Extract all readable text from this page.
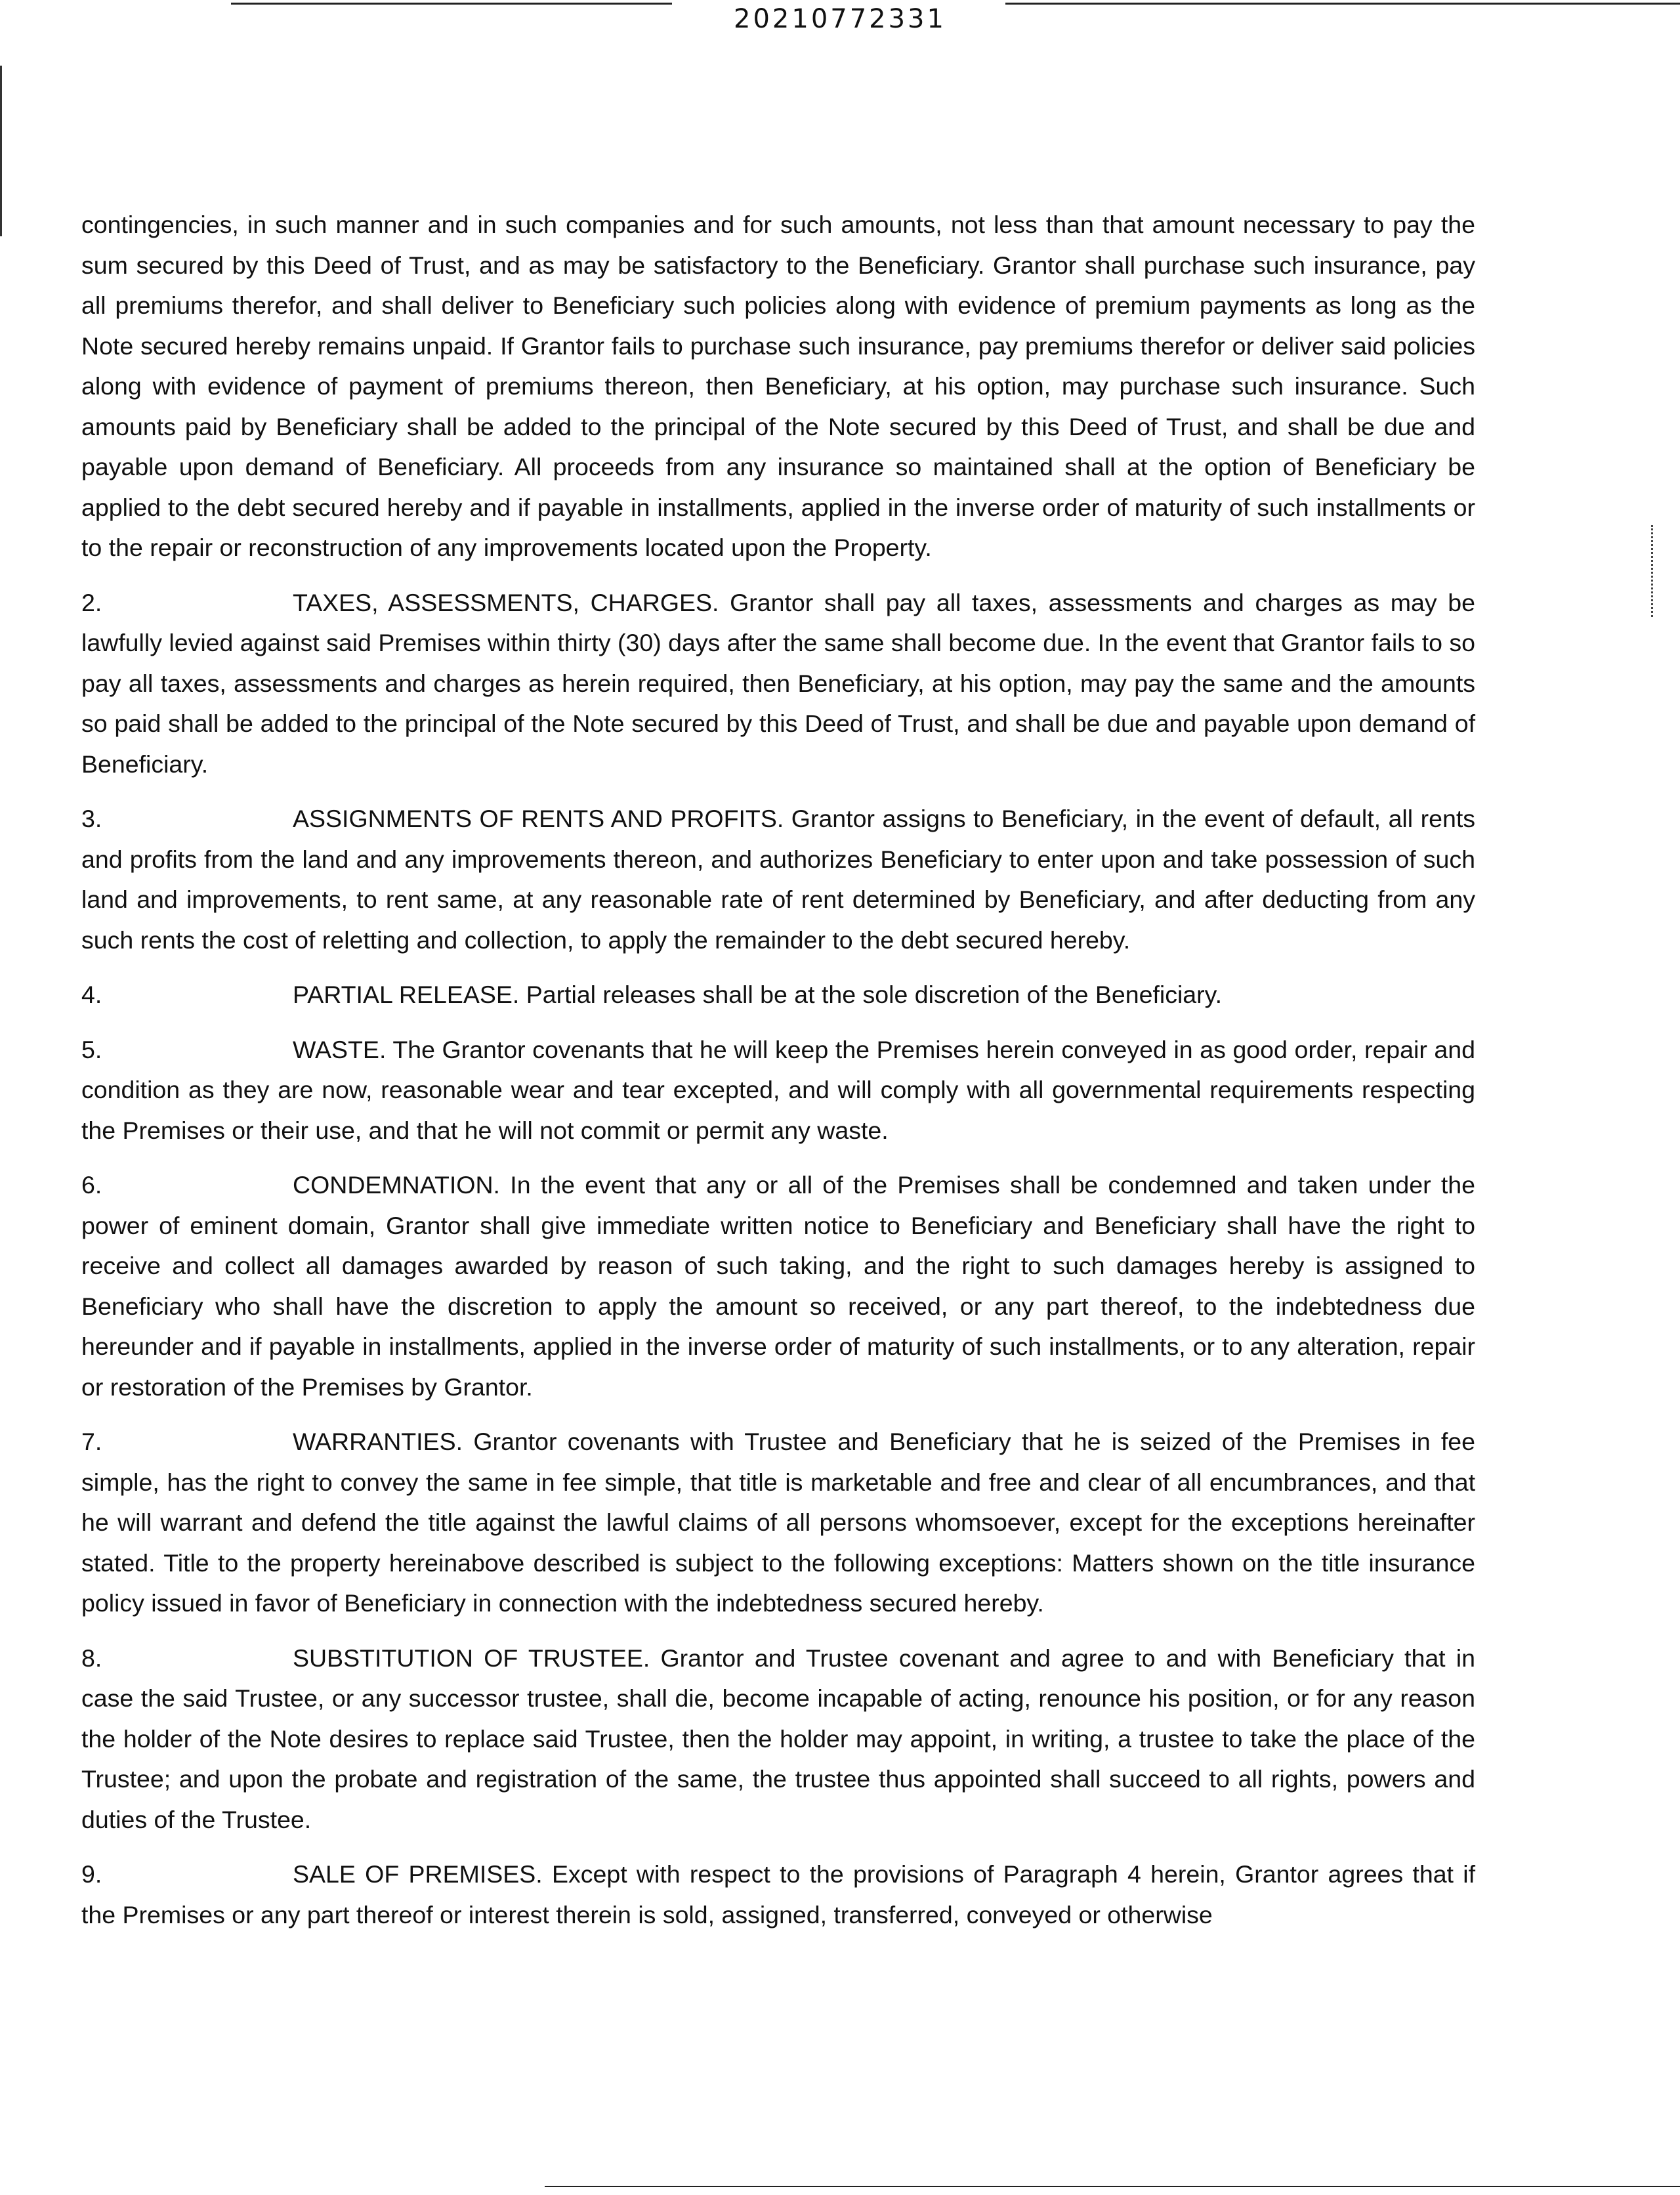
20210772331

contingencies, in such manner and in such companies and for such amounts, not less than that amount necessary to pay the sum secured by this Deed of Trust, and as may be satisfactory to the Beneficiary. Grantor shall purchase such insurance, pay all premiums therefor, and shall deliver to Beneficiary such policies along with evidence of premium payments as long as the Note secured hereby remains unpaid. If Grantor fails to purchase such insurance, pay premiums therefor or deliver said policies along with evidence of payment of premiums thereon, then Beneficiary, at his option, may purchase such insurance. Such amounts paid by Beneficiary shall be added to the principal of the Note secured by this Deed of Trust, and shall be due and payable upon demand of Beneficiary. All proceeds from any insurance so maintained shall at the option of Beneficiary be applied to the debt secured hereby and if payable in installments, applied in the inverse order of maturity of such installments or to the repair or reconstruction of any improvements located upon the Property.

2.	TAXES, ASSESSMENTS, CHARGES. Grantor shall pay all taxes, assessments and charges as may be lawfully levied against said Premises within thirty (30) days after the same shall become due. In the event that Grantor fails to so pay all taxes, assessments and charges as herein required, then Beneficiary, at his option, may pay the same and the amounts so paid shall be added to the principal of the Note secured by this Deed of Trust, and shall be due and payable upon demand of Beneficiary.

3.	ASSIGNMENTS OF RENTS AND PROFITS. Grantor assigns to Beneficiary, in the event of default, all rents and profits from the land and any improvements thereon, and authorizes Beneficiary to enter upon and take possession of such land and improvements, to rent same, at any reasonable rate of rent determined by Beneficiary, and after deducting from any such rents the cost of reletting and collection, to apply the remainder to the debt secured hereby.

4.	PARTIAL RELEASE. Partial releases shall be at the sole discretion of the Beneficiary.

5.	WASTE. The Grantor covenants that he will keep the Premises herein conveyed in as good order, repair and condition as they are now, reasonable wear and tear excepted, and will comply with all governmental requirements respecting the Premises or their use, and that he will not commit or permit any waste.

6.	CONDEMNATION. In the event that any or all of the Premises shall be condemned and taken under the power of eminent domain, Grantor shall give immediate written notice to Beneficiary and Beneficiary shall have the right to receive and collect all damages awarded by reason of such taking, and the right to such damages hereby is assigned to Beneficiary who shall have the discretion to apply the amount so received, or any part thereof, to the indebtedness due hereunder and if payable in installments, applied in the inverse order of maturity of such installments, or to any alteration, repair or restoration of the Premises by Grantor.

7.	WARRANTIES. Grantor covenants with Trustee and Beneficiary that he is seized of the Premises in fee simple, has the right to convey the same in fee simple, that title is marketable and free and clear of all encumbrances, and that he will warrant and defend the title against the lawful claims of all persons whomsoever, except for the exceptions hereinafter stated. Title to the property hereinabove described is subject to the following exceptions: Matters shown on the title insurance policy issued in favor of Beneficiary in connection with the indebtedness secured hereby.

8.	SUBSTITUTION OF TRUSTEE. Grantor and Trustee covenant and agree to and with Beneficiary that in case the said Trustee, or any successor trustee, shall die, become incapable of acting, renounce his position, or for any reason the holder of the Note desires to replace said Trustee, then the holder may appoint, in writing, a trustee to take the place of the Trustee; and upon the probate and registration of the same, the trustee thus appointed shall succeed to all rights, powers and duties of the Trustee.

9.	SALE OF PREMISES. Except with respect to the provisions of Paragraph 4 herein, Grantor agrees that if the Premises or any part thereof or interest therein is sold, assigned, transferred, conveyed or otherwise
